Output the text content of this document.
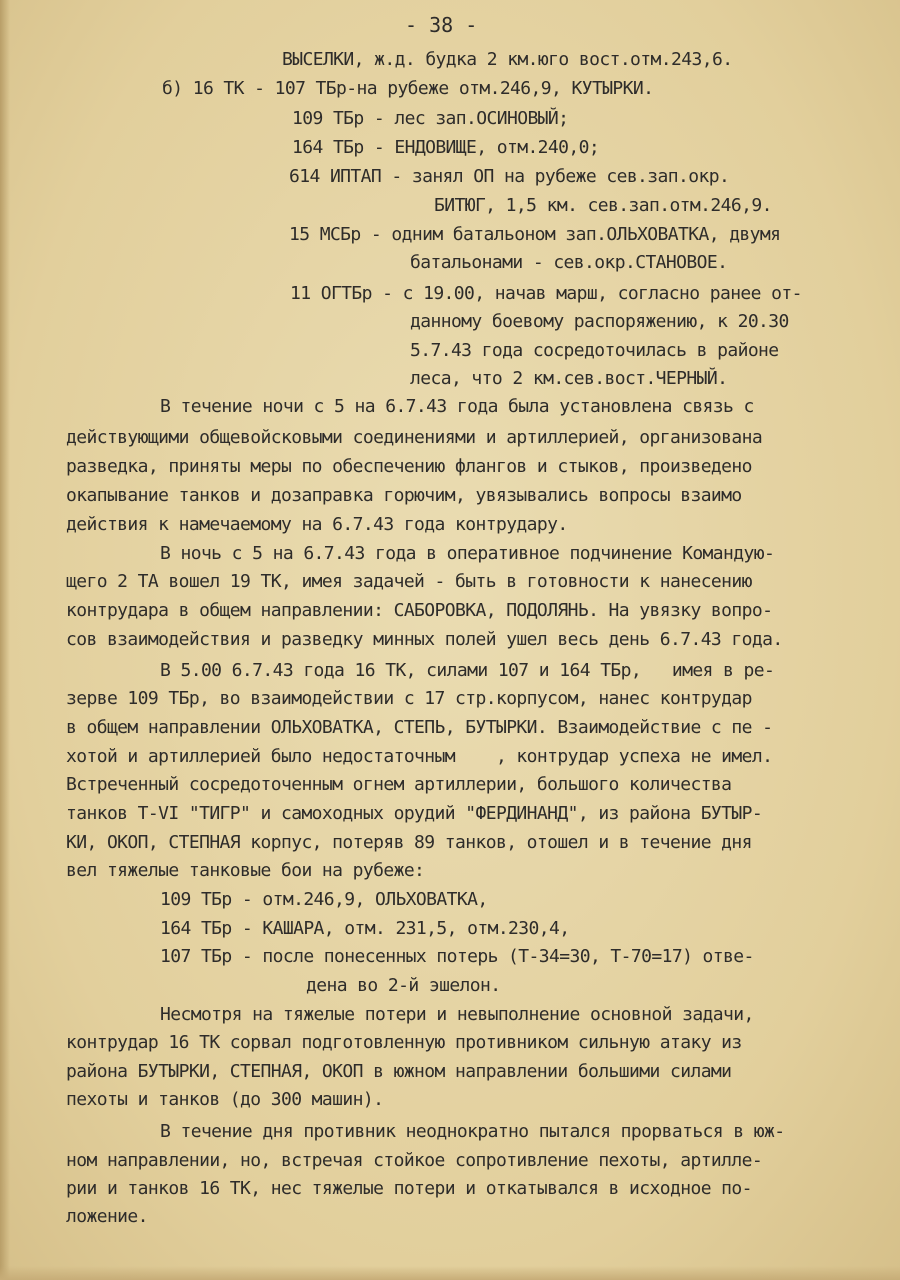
- 38 -
ВЫСЕЛКИ, ж.д. будка 2 км.юго вост.отм.243,6.
б) 16 ТК - 107 ТБр-на рубеже отм.246,9, КУТЫРКИ.
109 ТБр - лес зап.ОСИНОВЫЙ;
164 ТБр - ЕНДОВИЩЕ, отм.240,0;
614 ИПТАП - занял ОП на рубеже сев.зап.окр.
БИТЮГ, 1,5 км. сев.зап.отм.246,9.
15 МСБр - одним батальоном зап.ОЛЬХОВАТКА, двумя
батальонами - сев.окр.СТАНОВОЕ.
11 ОГТБр - с 19.00, начав марш, согласно ранее от-
данному боевому распоряжению, к 20.30
5.7.43 года сосредоточилась в районе
леса, что 2 км.сев.вост.ЧЕРНЫЙ.
В течение ночи с 5 на 6.7.43 года была установлена связь с
действующими общевойсковыми соединениями и артиллерией, организована
разведка, приняты меры по обеспечению флангов и стыков, произведено
окапывание танков и дозаправка горючим, увязывались вопросы взаимо
действия к намечаемому на 6.7.43 года контрудару.
В ночь с 5 на 6.7.43 года в оперативное подчинение Командую-
щего 2 ТА вошел 19 ТК, имея задачей - быть в готовности к нанесению
контрудара в общем направлении: САБОРОВКА, ПОДОЛЯНЬ. На увязку вопро-
сов взаимодействия и разведку минных полей ушел весь день 6.7.43 года.
В 5.00 6.7.43 года 16 ТК, силами 107 и 164 ТБр,   имея в ре-
зерве 109 ТБр, во взаимодействии с 17 стр.корпусом, нанес контрудар
в общем направлении ОЛЬХОВАТКА, СТЕПЬ, БУТЫРКИ. Взаимодействие с пе -
хотой и артиллерией было недостаточным    , контрудар успеха не имел.
Встреченный сосредоточенным огнем артиллерии, большого количества
танков Т-VI "ТИГР" и самоходных орудий "ФЕРДИНАНД", из района БУТЫР-
КИ, ОКОП, СТЕПНАЯ корпус, потеряв 89 танков, отошел и в течение дня
вел тяжелые танковые бои на рубеже:
109 ТБр - отм.246,9, ОЛЬХОВАТКА,
164 ТБр - КАШАРА, отм. 231,5, отм.230,4,
107 ТБр - после понесенных потерь (Т-34=30, Т-70=17) отве-
дена во 2-й эшелон.
Несмотря на тяжелые потери и невыполнение основной задачи,
контрудар 16 ТК сорвал подготовленную противником сильную атаку из
района БУТЫРКИ, СТЕПНАЯ, ОКОП в южном направлении большими силами
пехоты и танков (до 300 машин).
В течение дня противник неоднократно пытался прорваться в юж-
ном направлении, но, встречая стойкое сопротивление пехоты, артилле-
рии и танков 16 ТК, нес тяжелые потери и откатывался в исходное по-
ложение.
